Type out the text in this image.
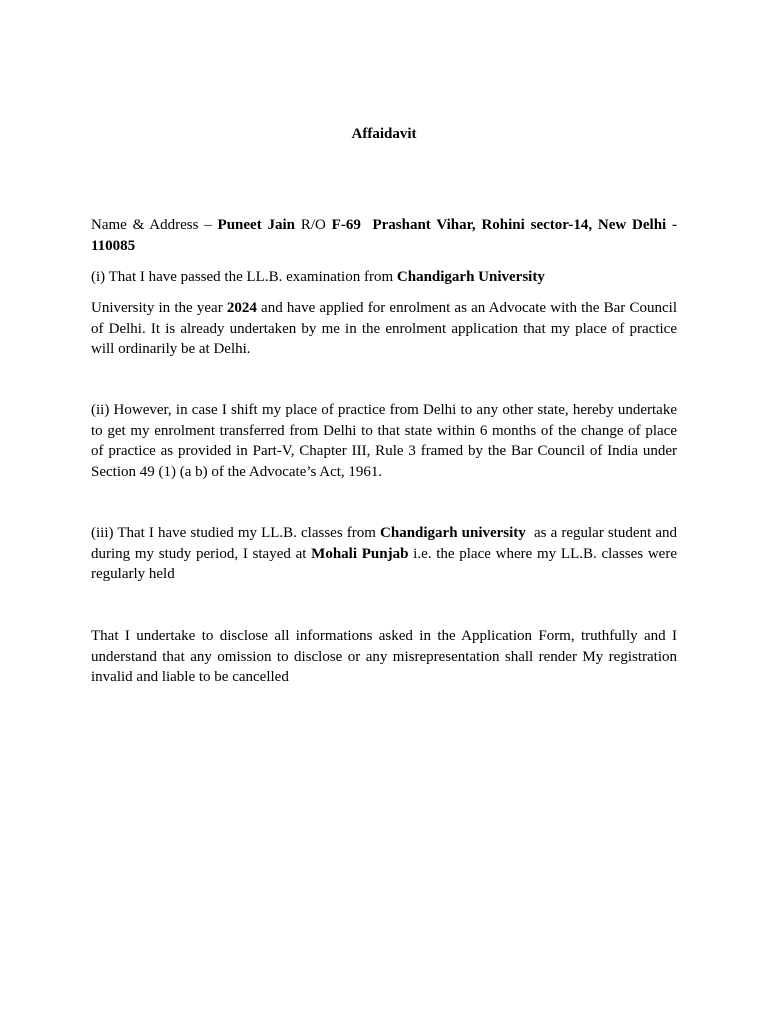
Affaidavit

Name & Address – Puneet Jain R/O F-69 Prashant Vihar, Rohini sector-14, New Delhi - 110085

(i) That I have passed the LL.B. examination from Chandigarh University

University in the year 2024 and have applied for enrolment as an Advocate with the Bar Council of Delhi. It is already undertaken by me in the enrolment application that my place of practice will ordinarily be at Delhi.

(ii) However, in case I shift my place of practice from Delhi to any other state, hereby undertake to get my enrolment transferred from Delhi to that state within 6 months of the change of place of practice as provided in Part-V, Chapter III, Rule 3 framed by the Bar Council of India under Section 49 (1) (a b) of the Advocate’s Act, 1961.

(iii) That I have studied my LL.B. classes from Chandigarh university  as a regular student and during my study period, I stayed at Mohali Punjab i.e. the place where my LL.B. classes were regularly held

That I undertake to disclose all informations asked in the Application Form, truthfully and I understand that any omission to disclose or any misrepresentation shall render My registration invalid and liable to be cancelled
